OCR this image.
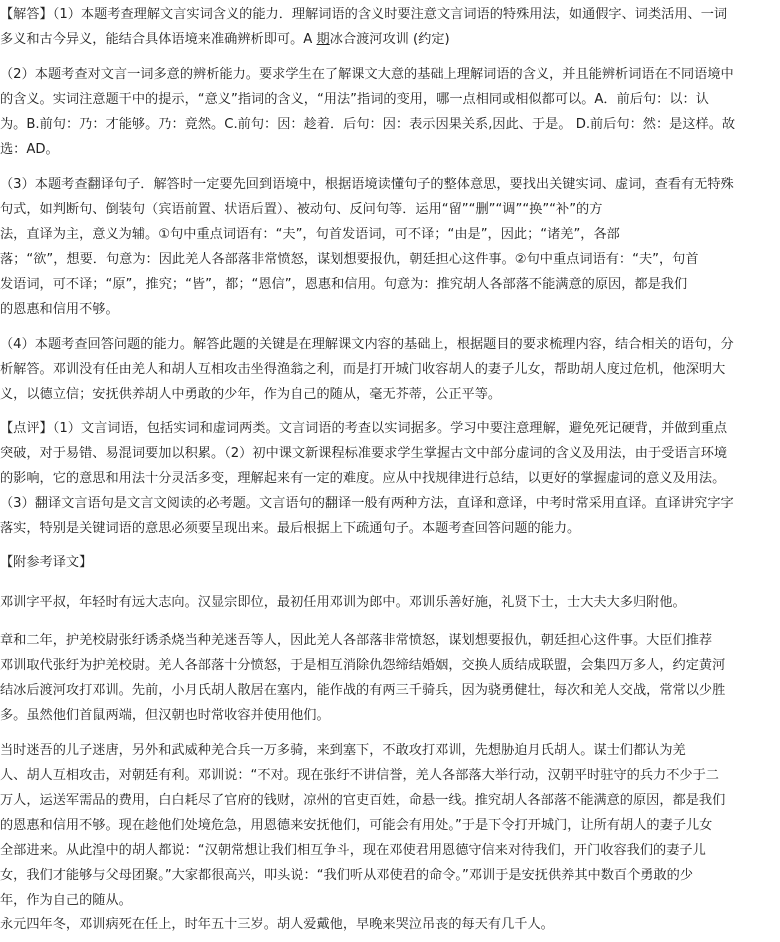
【解答】（1）本题考查理解文言实词含义的能力．理解词语的含义时要注意文言词语的特殊用法，如通假字、词类活用、一词
多义和古今异义，能结合具体语境来准确辨析即可。A 期冰合渡河攻训 (约定)

（2）本题考查对文言一词多意的辨析能力。要求学生在了解课文大意的基础上理解词语的含义，并且能辨析词语在不同语境中
的含义。实词注意题干中的提示，“意义”指词的含义，“用法”指词的变用，哪一点相同或相似都可以。A．前后句：以：认
为。B.前句：乃：才能够。乃：竟然。C.前句：因：趁着．后句：因：表示因果关系,因此、于是。 D.前后句：然：是这样。故
选：AD。

（3）本题考查翻译句子．解答时一定要先回到语境中，根据语境读懂句子的整体意思，要找出关键实词、虚词，查看有无特殊
句式，如判断句、倒装句（宾语前置、状语后置）、被动句、反问句等．运用“留”“删”“调”“换”“补”的方
法，直译为主，意义为辅。①句中重点词语有：“夫”，句首发语词，可不译；“由是”，因此；“诸羌”，各部
落；“欲”，想要．句意为：因此羌人各部落非常愤怒，谋划想要报仇，朝廷担心这件事。②句中重点词语有：“夫”，句首
发语词，可不译；“原”，推究；“皆”，都；“恩信”，恩惠和信用。句意为：推究胡人各部落不能满意的原因，都是我们
的恩惠和信用不够。

（4）本题考查回答问题的能力。解答此题的关键是在理解课文内容的基础上，根据题目的要求梳理内容，结合相关的语句，分
析解答。邓训没有任由羌人和胡人互相攻击坐得渔翁之利，而是打开城门收容胡人的妻子儿女，帮助胡人度过危机，他深明大
义，以德立信；安抚供养胡人中勇敢的少年，作为自己的随从，毫无芥蒂，公正平等。

【点评】（1）文言词语，包括实词和虚词两类。文言词语的考查以实词据多。学习中要注意理解，避免死记硬背，并做到重点
突破，对于易错、易混词要加以积累。（2）初中课文新课程标准要求学生掌握古文中部分虚词的含义及用法，由于受语言环境
的影响，它的意思和用法十分灵活多变，理解起来有一定的难度。应从中找规律进行总结，以更好的掌握虚词的意义及用法。
（3）翻译文言语句是文言文阅读的必考题。文言语句的翻译一般有两种方法，直译和意译，中考时常采用直译。直译讲究字字
落实，特别是关键词语的意思必须要呈现出来。最后根据上下疏通句子。本题考查回答问题的能力。

【附参考译文】

邓训字平叔，年轻时有远大志向。汉显宗即位，最初任用邓训为郎中。邓训乐善好施，礼贤下士，士大夫大多归附他。

章和二年，护羌校尉张纡诱杀烧当种羌迷吾等人，因此羌人各部落非常愤怒，谋划想要报仇，朝廷担心这件事。大臣们推荐
邓训取代张纡为护羌校尉。羌人各部落十分愤怒，于是相互消除仇怨缔结婚姻，交换人质结成联盟，会集四万多人，约定黄河
结冰后渡河攻打邓训。先前，小月氏胡人散居在塞内，能作战的有两三千骑兵，因为骁勇健壮，每次和羌人交战，常常以少胜
多。虽然他们首鼠两端，但汉朝也时常收容并使用他们。

当时迷吾的儿子迷唐，另外和武威种羌合兵一万多骑，来到塞下，不敢攻打邓训，先想胁迫月氏胡人。谋士们都认为羌
人、胡人互相攻击，对朝廷有利。邓训说：“不对。现在张纡不讲信誉，羌人各部落大举行动，汉朝平时驻守的兵力不少于二
万人，运送军需品的费用，白白耗尽了官府的钱财，凉州的官吏百姓，命悬一线。推究胡人各部落不能满意的原因，都是我们
的恩惠和信用不够。现在趁他们处境危急，用恩德来安抚他们，可能会有用处。”于是下令打开城门，让所有胡人的妻子儿女
全部进来。从此湟中的胡人都说：“汉朝常想让我们相互争斗，现在邓使君用恩德守信来对待我们，开门收容我们的妻子儿
女，我们才能够与父母团聚。”大家都很高兴，叩头说：“我们听从邓使君的命令。”邓训于是安抚供养其中数百个勇敢的少
年，作为自己的随从。

永元四年冬，邓训病死在任上，时年五十三岁。胡人爱戴他，早晚来哭泣吊丧的每天有几千人。
